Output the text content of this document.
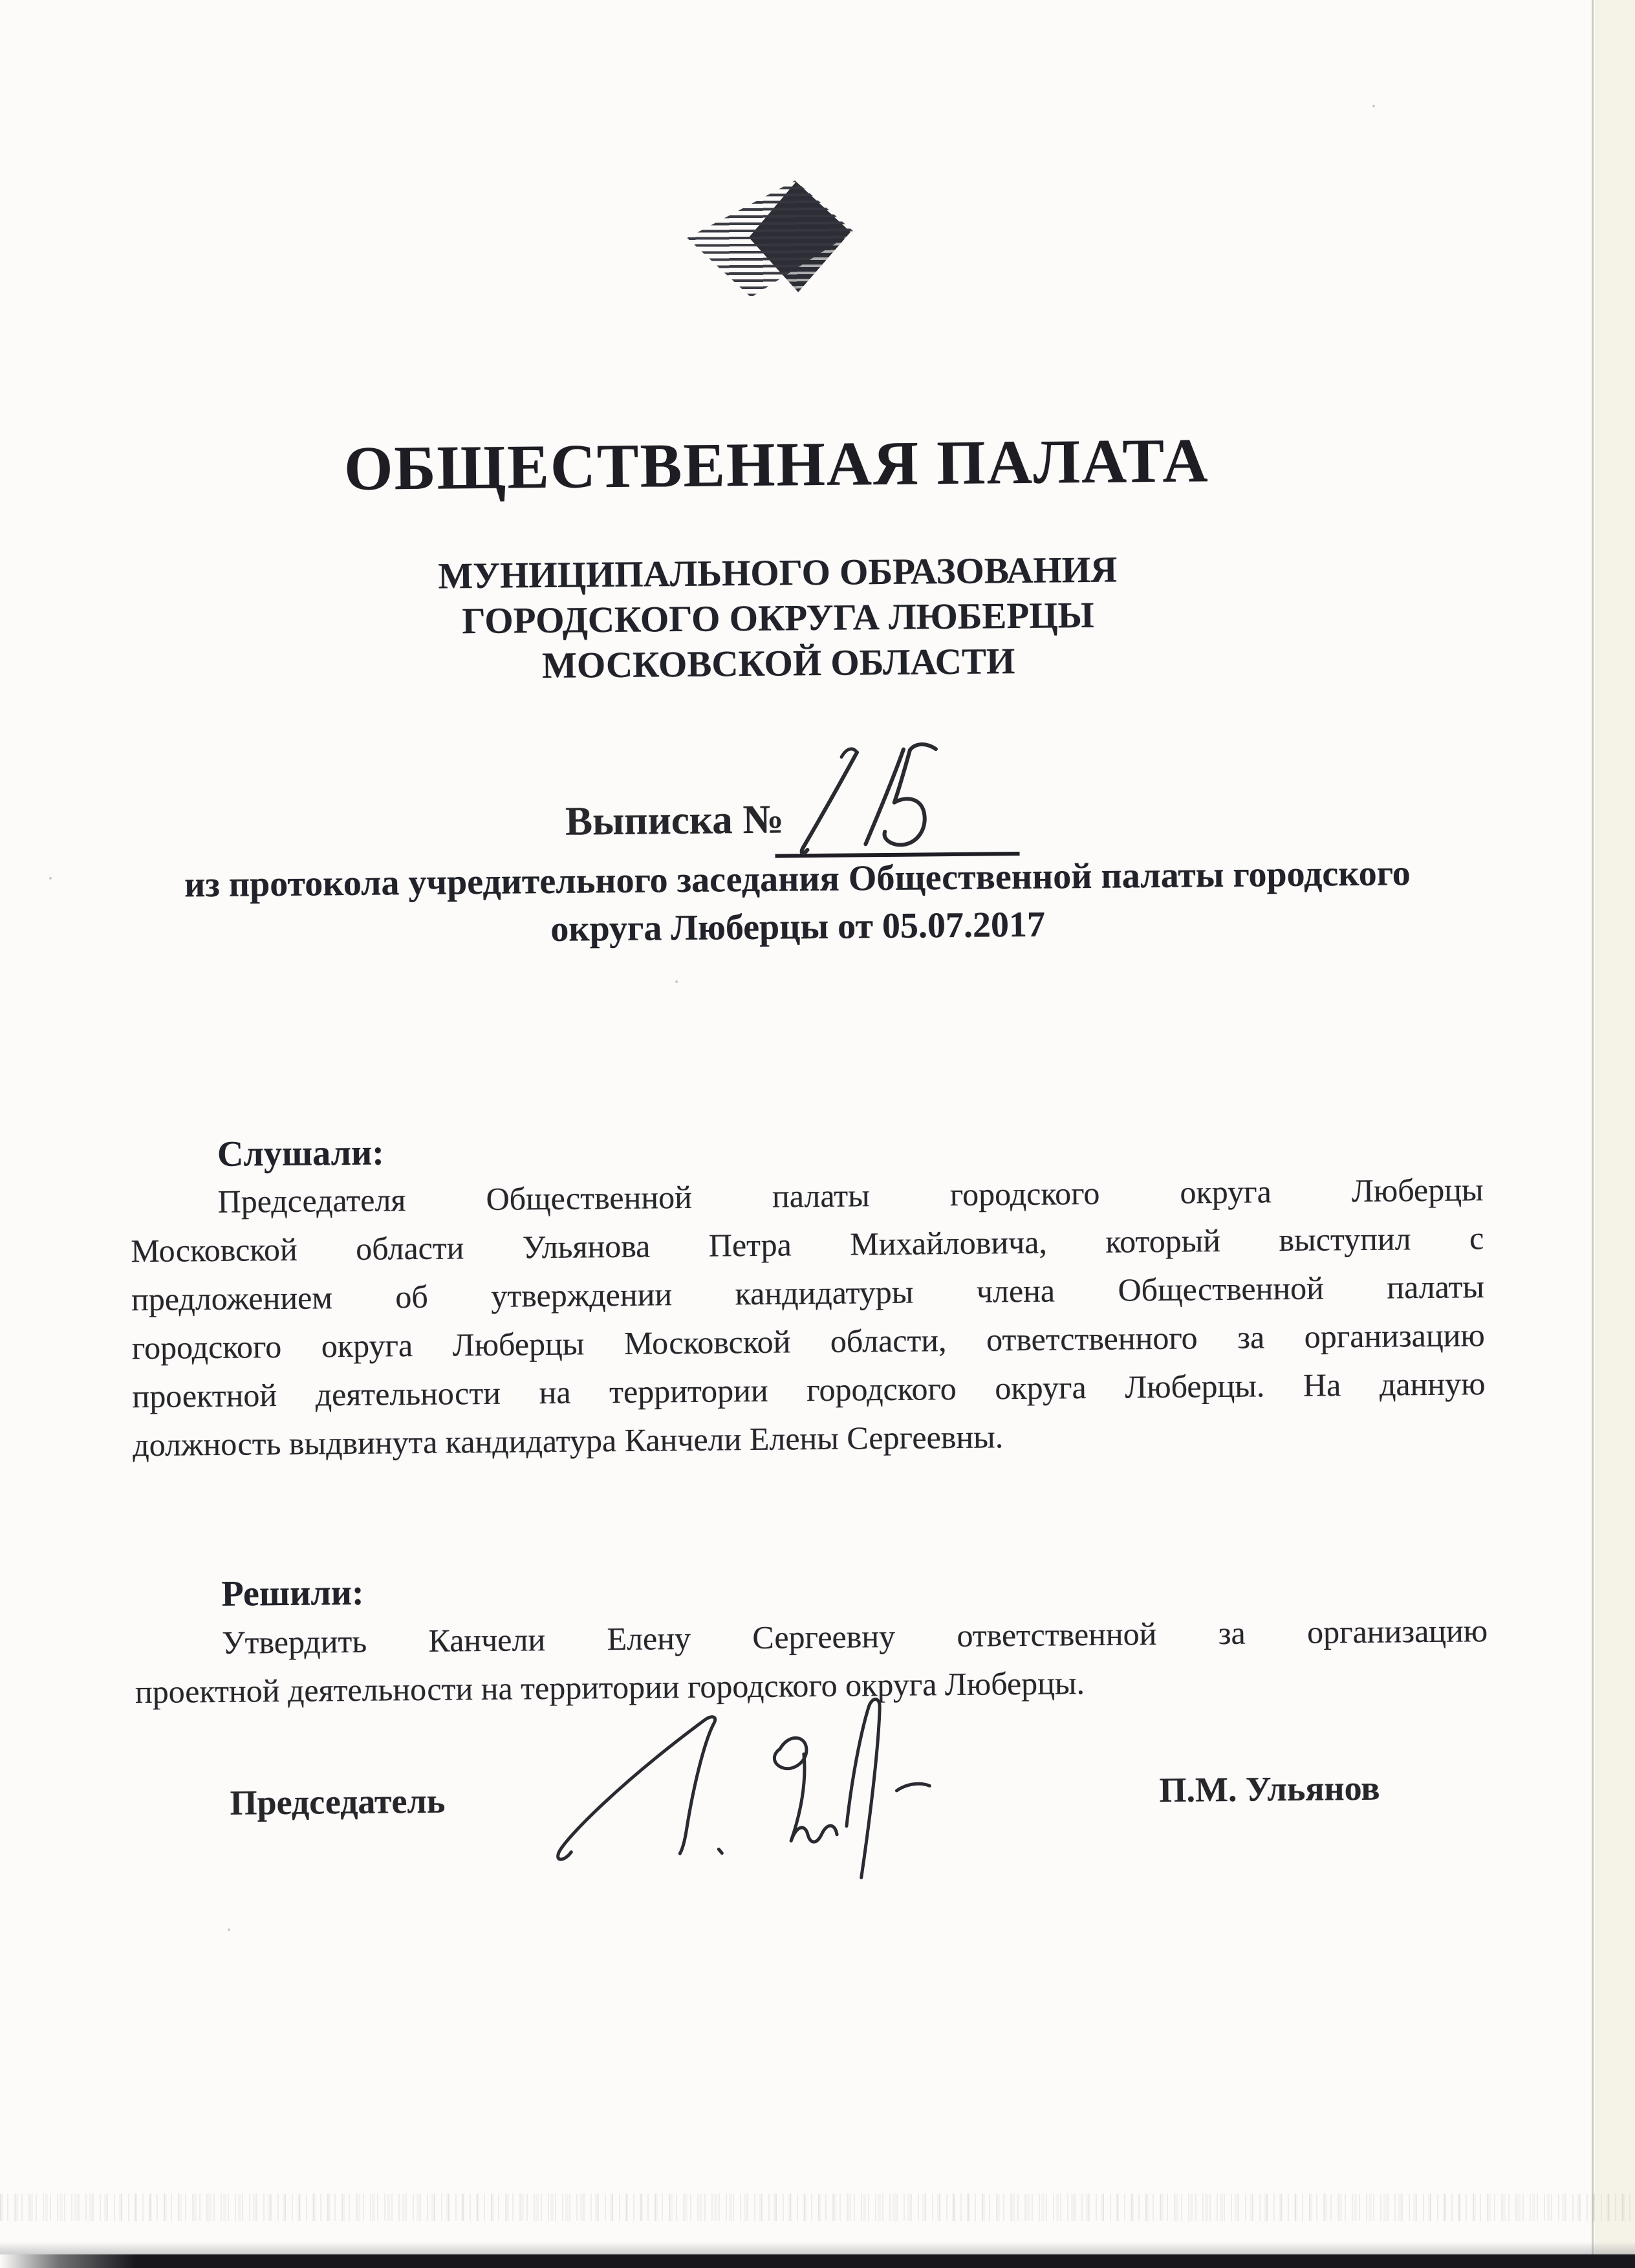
ОБЩЕСТВЕННАЯ ПАЛАТА
МУНИЦИПАЛЬНОГО ОБРАЗОВАНИЯ
ГОРОДСКОГО ОКРУГА ЛЮБЕРЦЫ
МОСКОВСКОЙ ОБЛАСТИ
Выписка №
из протокола учредительного заседания Общественной палаты городского
округа Люберцы от 05.07.2017
Слушали:
Председателя Общественной палаты городского округа Люберцы
Московской области Ульянова Петра Михайловича, который выступил с
предложением об утверждении кандидатуры члена Общественной палаты
городского округа Люберцы Московской области, ответственного за организацию
проектной деятельности на территории городского округа Люберцы. На данную
должность выдвинута кандидатура Канчели Елены Сергеевны.
Решили:
Утвердить Канчели Елену Сергеевну ответственной за организацию
проектной деятельности на территории городского округа Люберцы.
Председатель	П.М. Ульянов
